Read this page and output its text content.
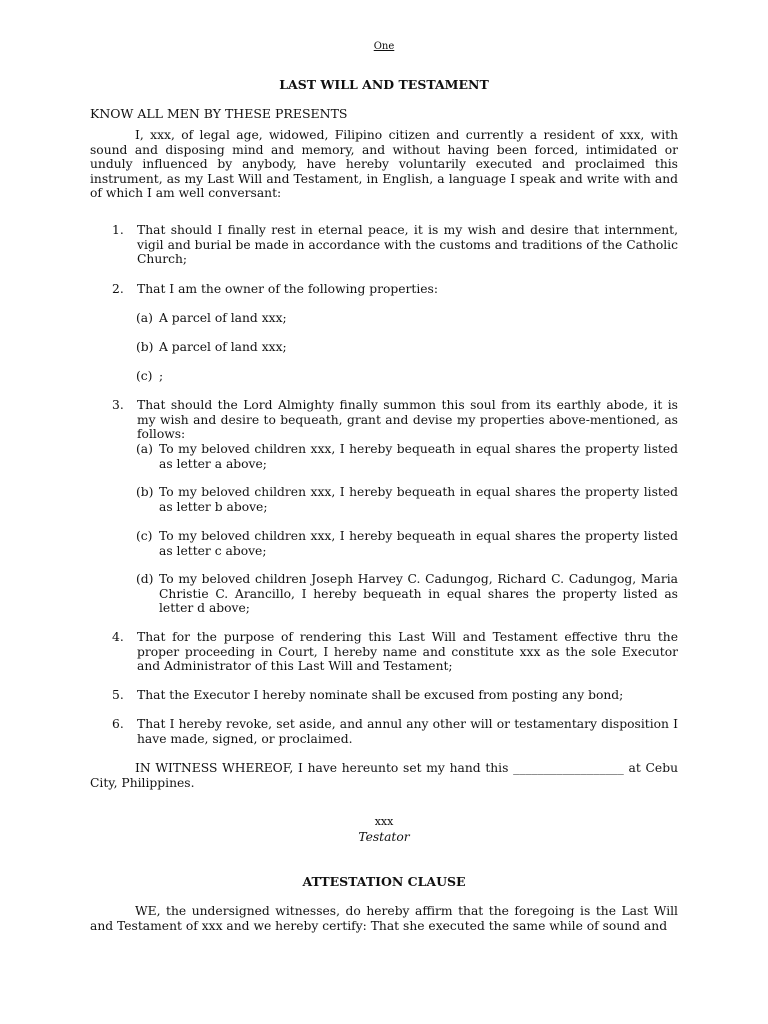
One
LAST WILL AND TESTAMENT
KNOW ALL MEN BY THESE PRESENTS
I, xxx, of legal age, widowed, Filipino citizen and currently a resident of xxx, with sound and disposing mind and memory, and without having been forced, intimidated or unduly influenced by anybody, have hereby voluntarily executed and proclaimed this instrument, as my Last Will and Testament, in English, a language I speak and write with and of which I am well conversant:
1. That should I finally rest in eternal peace, it is my wish and desire that internment, vigil and burial be made in accordance with the customs and traditions of the Catholic Church;
2. That I am the owner of the following properties:
(a) A parcel of land xxx;
(b) A parcel of land xxx;
(c) ;
3. That should the Lord Almighty finally summon this soul from its earthly abode, it is my wish and desire to bequeath, grant and devise my properties above-mentioned, as follows:
(a) To my beloved children xxx, I hereby bequeath in equal shares the property listed as letter a above;
(b) To my beloved children xxx, I hereby bequeath in equal shares the property listed as letter b above;
(c) To my beloved children xxx, I hereby bequeath in equal shares the property listed as letter c above;
(d) To my beloved children Joseph Harvey C. Cadungog, Richard C. Cadungog, Maria Christie C. Arancillo, I hereby bequeath in equal shares the property listed as letter d above;
4. That for the purpose of rendering this Last Will and Testament effective thru the proper proceeding in Court, I hereby name and constitute xxx as the sole Executor and Administrator of this Last Will and Testament;
5. That the Executor I hereby nominate shall be excused from posting any bond;
6. That I hereby revoke, set aside, and annul any other will or testamentary disposition I have made, signed, or proclaimed.
IN WITNESS WHEREOF, I have hereunto set my hand this __________________ at Cebu City, Philippines.
xxx
Testator
ATTESTATION CLAUSE
WE, the undersigned witnesses, do hereby affirm that the foregoing is the Last Will and Testament of xxx and we hereby certify: That she executed the same while of sound and
